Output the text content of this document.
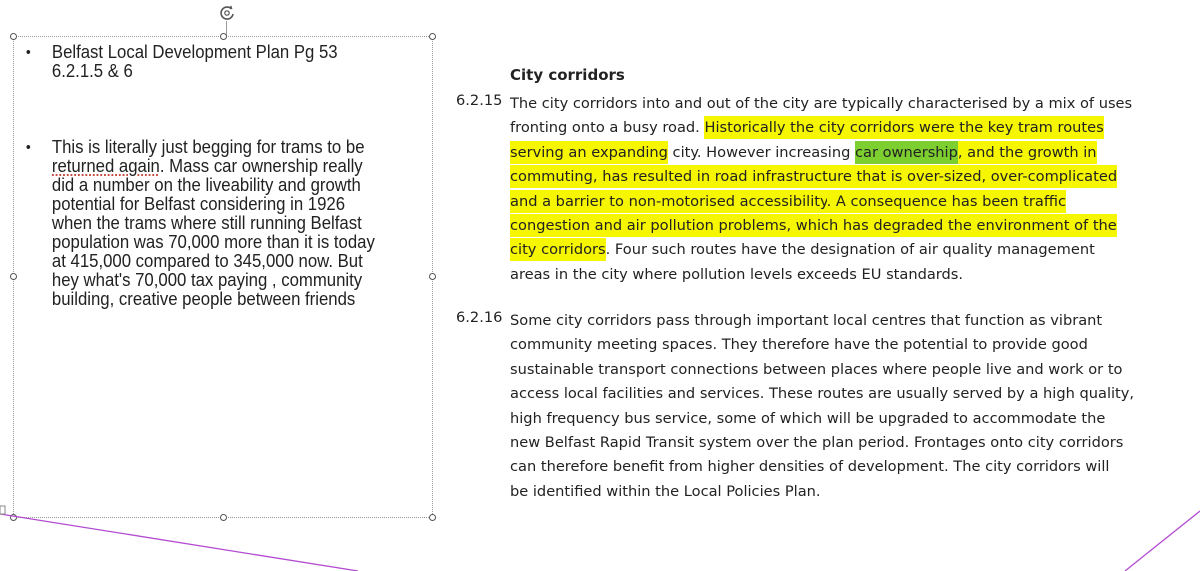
• Belfast Local Development Plan Pg 53
6.2.1.5 & 6
• This is literally just begging for trams to be
returned again. Mass car ownership really
did a number on the liveability and growth
potential for Belfast considering in 1926
when the trams where still running Belfast
population was 70,000 more than it is today
at 415,000 compared to 345,000 now. But
hey what's 70,000 tax paying , community
building, creative people between friends
City corridors
6.2.15 The city corridors into and out of the city are typically characterised by a mix of uses
fronting onto a busy road. Historically the city corridors were the key tram routes
serving an expanding city. However increasing car ownership, and the growth in
commuting, has resulted in road infrastructure that is over-sized, over-complicated
and a barrier to non-motorised accessibility. A consequence has been traffic
congestion and air pollution problems, which has degraded the environment of the
city corridors. Four such routes have the designation of air quality management
areas in the city where pollution levels exceeds EU standards.
6.2.16 Some city corridors pass through important local centres that function as vibrant
community meeting spaces. They therefore have the potential to provide good
sustainable transport connections between places where people live and work or to
access local facilities and services. These routes are usually served by a high quality,
high frequency bus service, some of which will be upgraded to accommodate the
new Belfast Rapid Transit system over the plan period. Frontages onto city corridors
can therefore benefit from higher densities of development. The city corridors will
be identified within the Local Policies Plan.
